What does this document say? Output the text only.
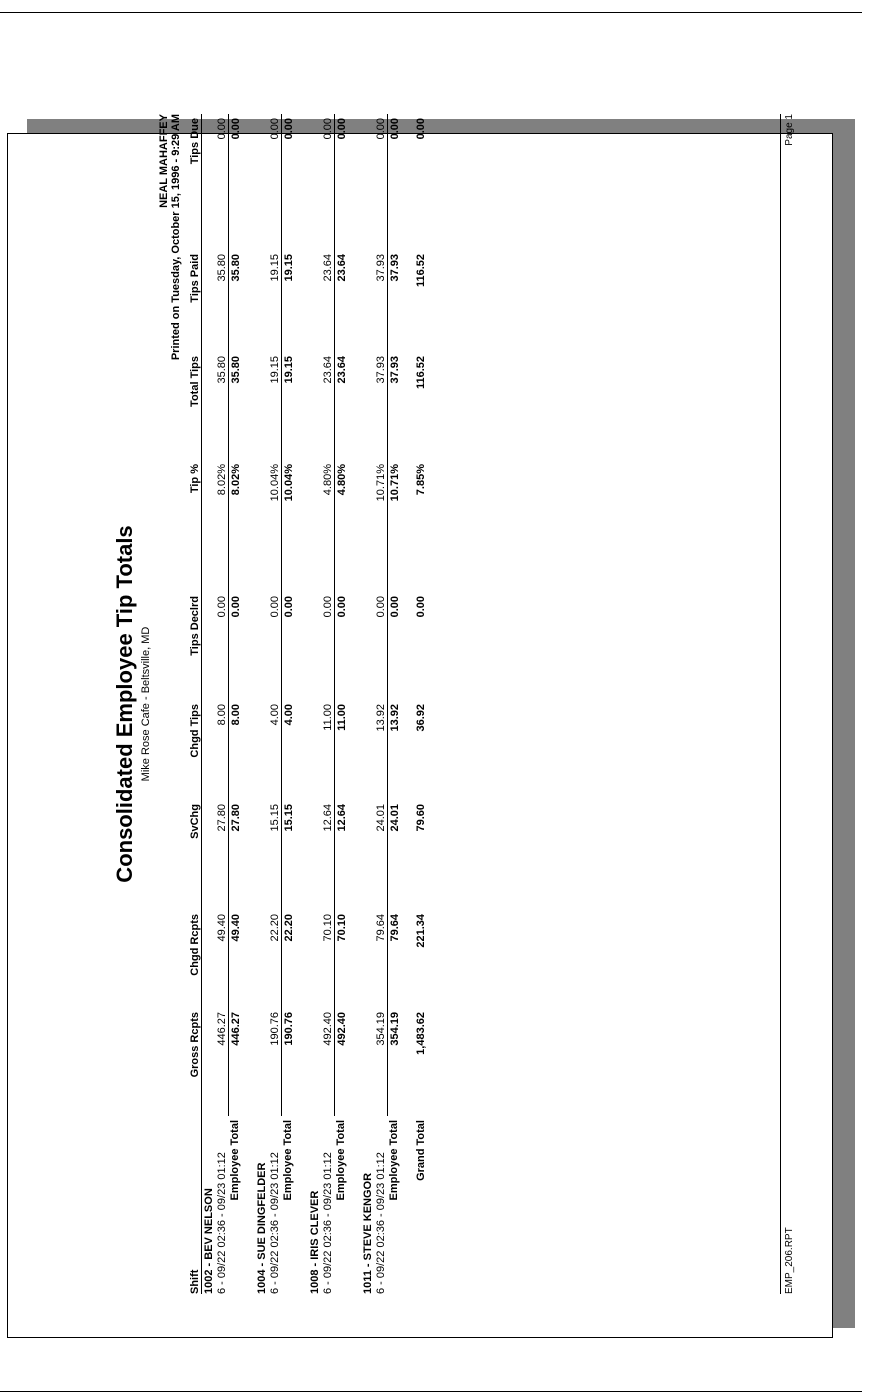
Consolidated Employee Tip Totals Mike Rose Cafe - Beltsville, MD
NEAL MAHAFFEY Printed on Tuesday, October 15, 1996 - 9:29 AM
Shift	Gross Rcpts	Chgd Rcpts	SvChg	Chgd Tips	Tips Declrd	Tip %	Total Tips	Tips Paid	Tips Due
1002 - BEV NELSON									
6 - 09/22 02:36 - 09/23 01:12	446.27	49.40	27.80	8.00	0.00	8.02%	35.80	35.80	0.00
Employee Total	446.27	49.40	27.80	8.00	0.00	8.02%	35.80	35.80	0.00

1004 - SUE DINGFELDER									
6 - 09/22 02:36 - 09/23 01:12	190.76	22.20	15.15	4.00	0.00	10.04%	19.15	19.15	0.00
Employee Total	190.76	22.20	15.15	4.00	0.00	10.04%	19.15	19.15	0.00

1008 - IRIS CLEVER									
6 - 09/22 02:36 - 09/23 01:12	492.40	70.10	12.64	11.00	0.00	4.80%	23.64	23.64	0.00
Employee Total	492.40	70.10	12.64	11.00	0.00	4.80%	23.64	23.64	0.00

1011 - STEVE KENGOR									
6 - 09/22 02:36 - 09/23 01:12	354.19	79.64	24.01	13.92	0.00	10.71%	37.93	37.93	0.00
Employee Total	354.19	79.64	24.01	13.92	0.00	10.71%	37.93	37.93	0.00

Grand Total	1,483.62	221.34	79.60	36.92	0.00	7.85%	116.52	116.52	0.00
EMP_206.RPT
Page 1
